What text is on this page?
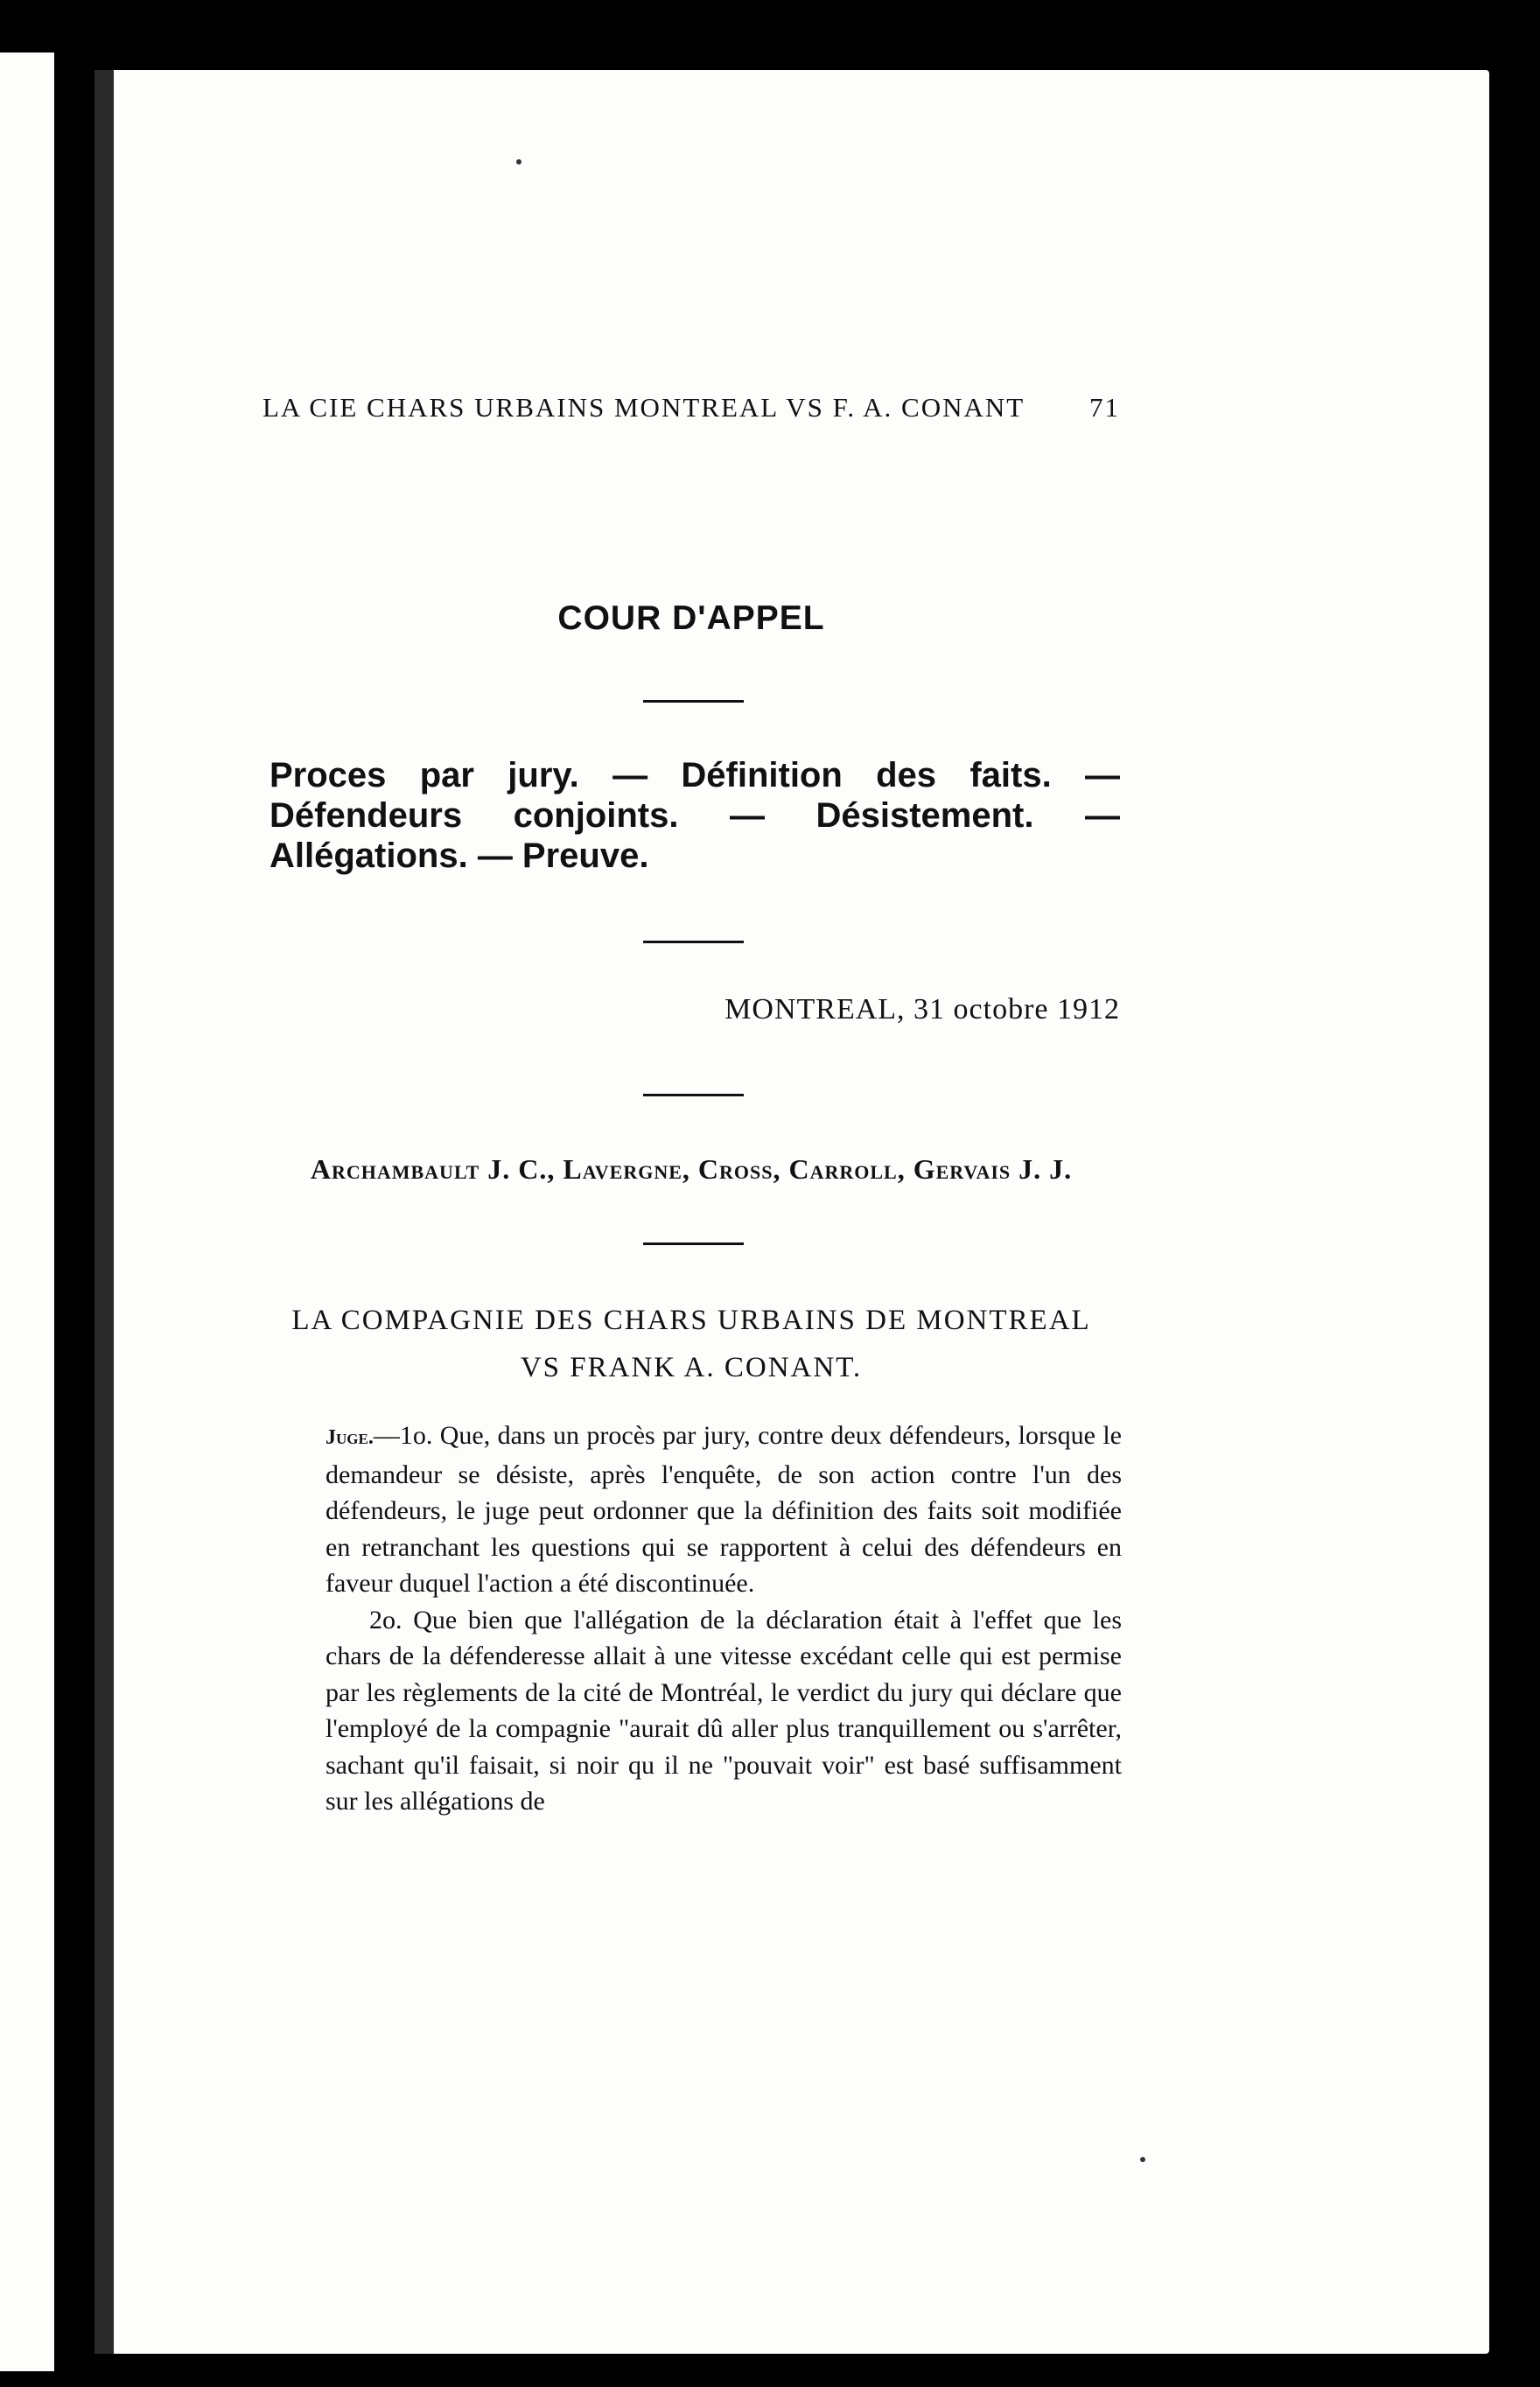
LA CIE CHARS URBAINS MONTREAL VS F. A. CONANT 71
COUR D'APPEL
Proces par jury. — Définition des faits. — Défendeurs conjoints. — Désistement. — Allégations. — Preuve.
MONTREAL, 31 octobre 1912
Archambault J. C., Lavergne, Cross, Carroll, Gervais J. J.
LA COMPAGNIE DES CHARS URBAINS DE MONTREAL
VS FRANK A. CONANT.

Juge.—1o. Que, dans un procès par jury, contre deux défendeurs, lorsque le demandeur se désiste, après l'enquête, de son action contre l'un des défendeurs, le juge peut ordonner que la définition des faits soit modifiée en retranchant les questions qui se rapportent à celui des défendeurs en faveur duquel l'action a été discontinuée.

2o. Que bien que l'allégation de la déclaration était à l'effet que les chars de la défenderesse allait à une vitesse excédant celle qui est permise par les règlements de la cité de Montréal, le verdict du jury qui déclare que l'employé de la compagnie "aurait dû aller plus tranquillement ou s'arrêter, sachant qu'il faisait, si noir qu il ne "pouvait voir" est basé suffisamment sur les allégations de
